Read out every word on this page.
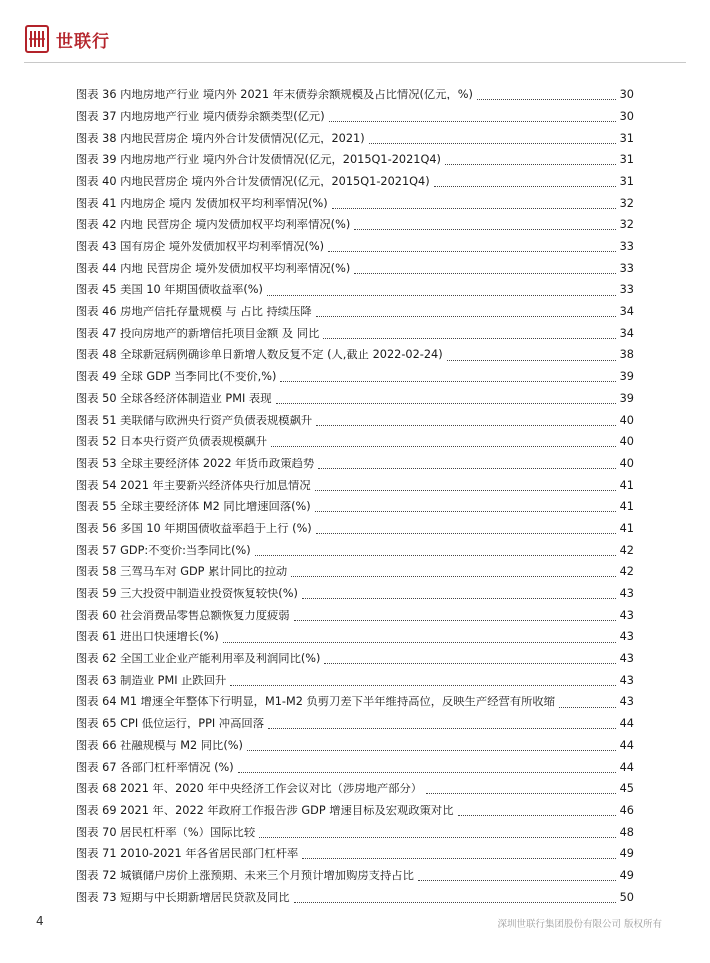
世联行
图表 36 内地房地产行业 境内外 2021 年末债券余额规模及占比情况(亿元，%)	30
图表 37 内地房地产行业 境内债券余额类型(亿元)	30
图表 38 内地民营房企 境内外合计发债情况(亿元，2021)	31
图表 39 内地房地产行业 境内外合计发债情况(亿元，2015Q1-2021Q4)	31
图表 40 内地民营房企 境内外合计发债情况(亿元，2015Q1-2021Q4)	31
图表 41 内地房企 境内 发债加权平均利率情况(%)	32
图表 42 内地 民营房企 境内发债加权平均利率情况(%)	32
图表 43 国有房企 境外发债加权平均利率情况(%)	33
图表 44 内地 民营房企 境外发债加权平均利率情况(%)	33
图表 45 美国 10 年期国债收益率(%)	33
图表 46 房地产信托存量规模 与 占比 持续压降	34
图表 47 投向房地产的新增信托项目金额 及 同比	34
图表 48 全球新冠病例确诊单日新增人数反复不定 (人,截止 2022-02-24)	38
图表 49 全球 GDP 当季同比(不变价,%)	39
图表 50 全球各经济体制造业 PMI 表现	39
图表 51 美联储与欧洲央行资产负债表规模飙升	40
图表 52 日本央行资产负债表规模飙升	40
图表 53 全球主要经济体 2022 年货币政策趋势	40
图表 54 2021 年主要新兴经济体央行加息情况	41
图表 55 全球主要经济体 M2 同比增速回落(%)	41
图表 56 多国 10 年期国债收益率趋于上行 (%)	41
图表 57 GDP:不变价:当季同比(%)	42
图表 58 三驾马车对 GDP 累计同比的拉动	42
图表 59 三大投资中制造业投资恢复较快(%)	43
图表 60 社会消费品零售总额恢复力度疲弱	43
图表 61 进出口快速增长(%)	43
图表 62 全国工业企业产能利用率及利润同比(%)	43
图表 63 制造业 PMI 止跌回升	43
图表 64 M1 增速全年整体下行明显，M1-M2 负剪刀差下半年维持高位，反映生产经营有所收缩	43
图表 65 CPI 低位运行，PPI 冲高回落	44
图表 66 社融规模与 M2 同比(%)	44
图表 67 各部门杠杆率情况 (%)	44
图表 68 2021 年、2020 年中央经济工作会议对比（涉房地产部分）	45
图表 69 2021 年、2022 年政府工作报告涉 GDP 增速目标及宏观政策对比	46
图表 70 居民杠杆率（%）国际比较	48
图表 71 2010-2021 年各省居民部门杠杆率	49
图表 72 城镇储户房价上涨预期、未来三个月预计增加购房支持占比	49
图表 73 短期与中长期新增居民贷款及同比	50
4	深圳世联行集团股份有限公司 版权所有
